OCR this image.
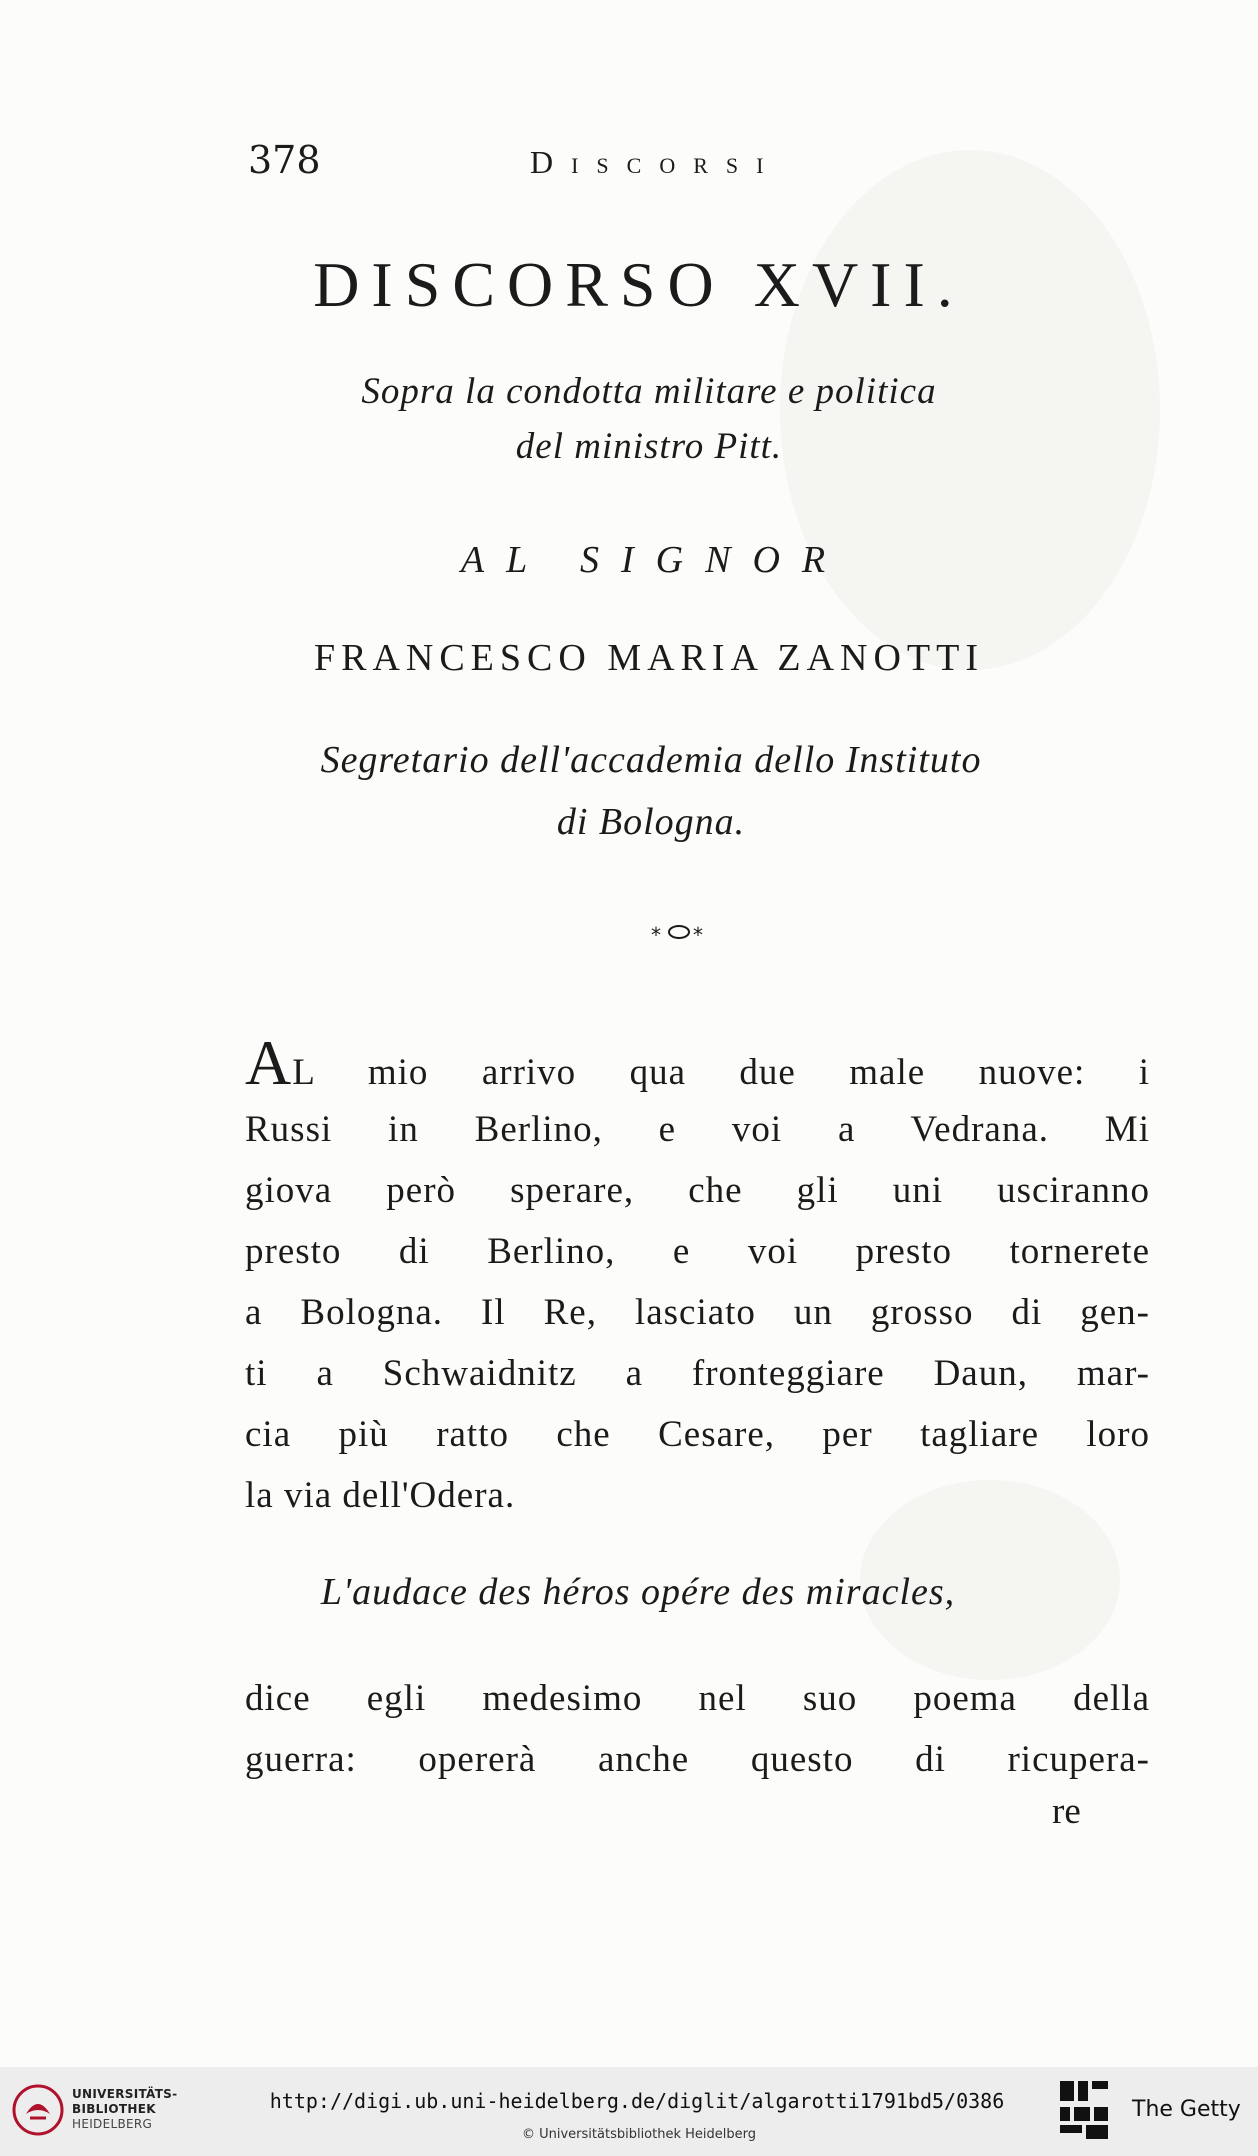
378	Discorsi
DISCORSO XVII.
Sopra la condotta militare e politica
del ministro Pitt.
AL SIGNOR
FRANCESCO MARIA ZANOTTI
Segretario dell'accademia dello Instituto
di Bologna.
* *
AL mio arrivo qua due male nuove: i
Russi in Berlino, e voi a Vedrana. Mi
giova però sperare, che gli uni usciranno
presto di Berlino, e voi presto tornerete
a Bologna. Il Re, lasciato un grosso di gen-
ti a Schwaidnitz a fronteggiare Daun, mar-
cia più ratto che Cesare, per tagliare loro
la via dell'Odera.
L'audace des héros opére des miracles,
dice egli medesimo nel suo poema della
guerra: opererà anche questo di ricupera-
re
UNIVERSITÄTS-
BIBLIOTHEK
HEIDELBERG
http://digi.ub.uni-heidelberg.de/diglit/algarotti1791bd5/0386
© Universitätsbibliothek Heidelberg
The Getty
